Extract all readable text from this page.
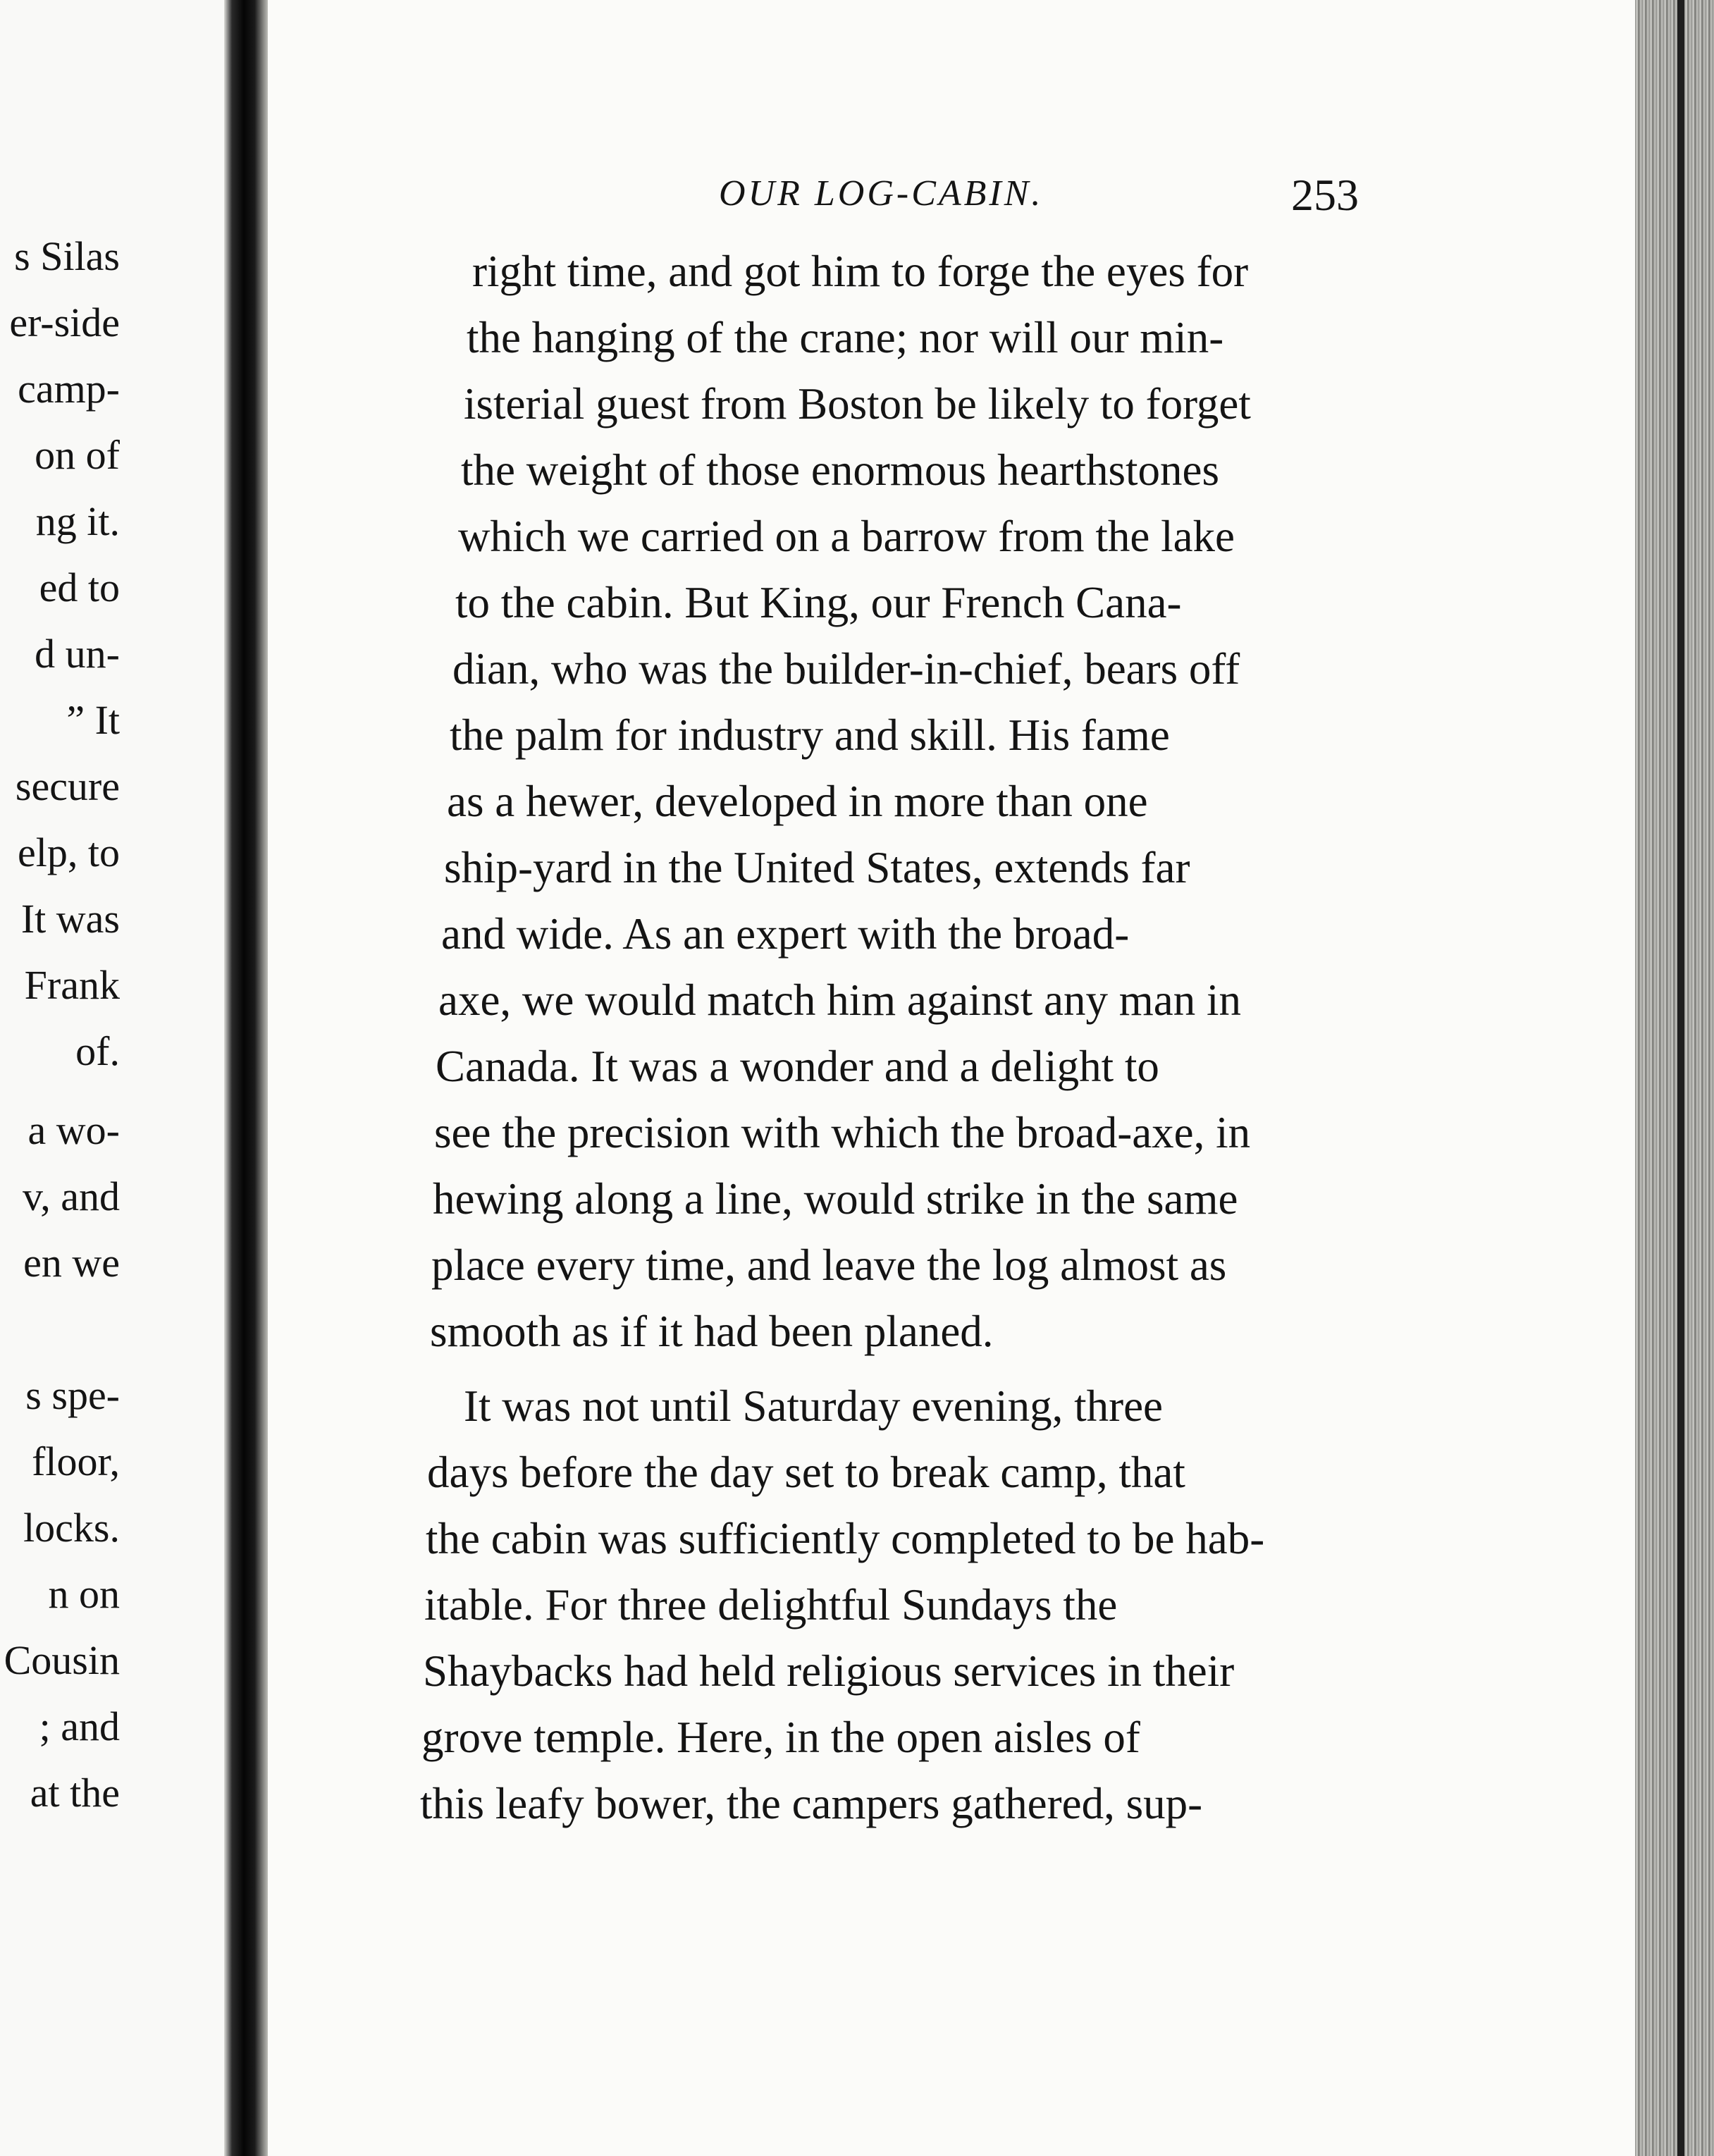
s Silas
er-side
camp-
on of
ng it.
ed to
d un-
” It
secure
elp, to
It was
Frank
of.
a wo-
v, and
en we
s spe-
floor,
locks.
n on
Cousin
; and
at the
OUR LOG-CABIN.	253
right time, and got him to forge the eyes for
the hanging of the crane; nor will our min-
isterial guest from Boston be likely to forget
the weight of those enormous hearthstones
which we carried on a barrow from the lake
to the cabin. But King, our French Cana-
dian, who was the builder-in-chief, bears off
the palm for industry and skill. His fame
as a hewer, developed in more than one
ship-yard in the United States, extends far
and wide. As an expert with the broad-
axe, we would match him against any man in
Canada. It was a wonder and a delight to
see the precision with which the broad-axe, in
hewing along a line, would strike in the same
place every time, and leave the log almost as
smooth as if it had been planed.
It was not until Saturday evening, three
days before the day set to break camp, that
the cabin was sufficiently completed to be hab-
itable. For three delightful Sundays the
Shaybacks had held religious services in their
grove temple. Here, in the open aisles of
this leafy bower, the campers gathered, sup-
